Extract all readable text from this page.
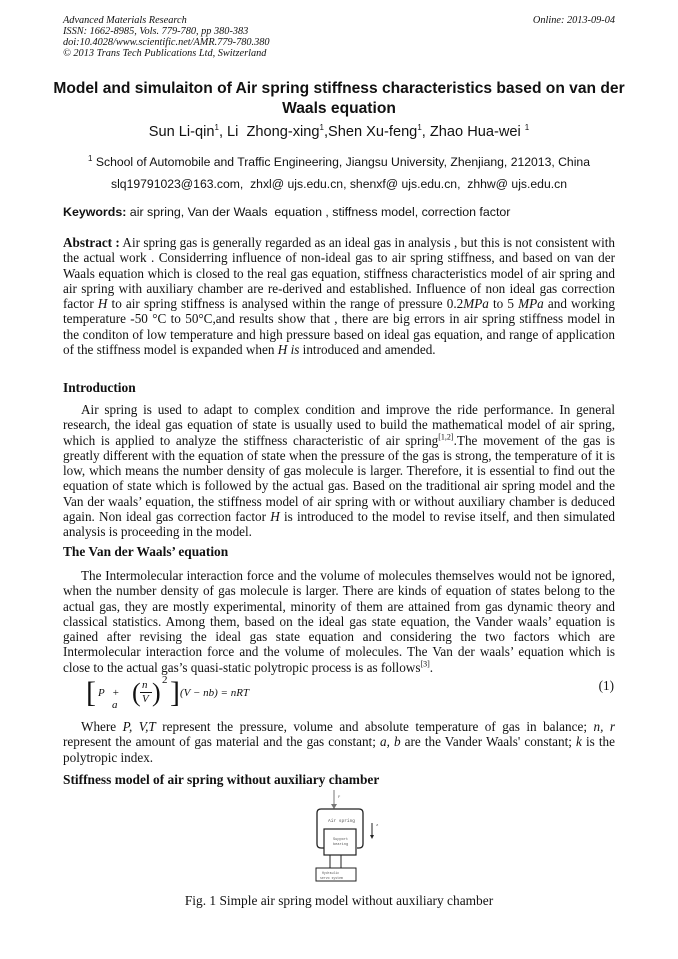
Advanced Materials Research
ISSN: 1662-8985, Vols. 779-780, pp 380-383
doi:10.4028/www.scientific.net/AMR.779-780.380
© 2013 Trans Tech Publications Ltd, Switzerland
Online: 2013-09-04
Model and simulaiton of Air spring stiffness characteristics based on van der Waals equation
Sun Li-qin$^1$, Li  Zhong-xing$^1$,Shen Xu-feng$^1$, Zhao Hua-wei $^1$
$^1$ School of Automobile and Traffic Engineering, Jiangsu University, Zhenjiang, 212013, China
slq19791023@163.com,  zhxl@ ujs.edu.cn, shenxf@ ujs.edu.cn,  zhhw@ ujs.edu.cn
Keywords: air spring, Van der Waals  equation , stiffness model, correction factor
Abstract : Air spring gas is generally regarded as an ideal gas in analysis , but this is not consistent with the actual work . Considerring influence of non-ideal gas to air spring stiffness, and based on van der Waals equation which is closed to the real gas equation, stiffness characteristics model of air spring and air spring with auxiliary chamber are re-derived and established. Influence of non ideal gas correction factor H to air spring stiffness is analysed within the range of pressure 0.2MPa to 5 MPa and working temperature -50 °C to 50°C,and results show that , there are big errors in air spring stiffness model in the conditon of low temperature and high pressure based on ideal gas equation, and range of application of the stiffness model is expanded when H is introduced and amended.
Introduction
Air spring is used to adapt to complex condition and improve the ride performance. In general research, the ideal gas equation of state is usually used to build the mathematical model of air spring, which is applied to analyze the stiffness characteristic of air spring[1,2].The movement of the gas is greatly different with the equation of state when the pressure of the gas is strong, the temperature of it is low, which means the number density of gas molecule is larger. Therefore, it is essential to find out the equation of state which is followed by the actual gas. Based on the traditional air spring model and the Van der waals’ equation, the stiffness model of air spring with or without auxiliary chamber is deduced again. Non ideal gas correction factor H is introduced to the model to revise itself, and then simulated analysis is proceeding in the model.
The Van der Waals’ equation
The Intermolecular interaction force and the volume of molecules themselves would not be ignored, when the number density of gas molecule is larger. There are kinds of equation of states belong to the actual gas, they are mostly experimental, minority of them are attained from gas dynamic theory and classical statistics. Among them, based on the ideal gas state equation, the Vander waals’ equation is gained after revising the ideal gas state equation and considering the two factors which are Intermolecular interaction force and the volume of molecules. The Van der waals’ equation which is close to the actual gas’s quasi-static polytropic process is as follows[3].
[ P + a ( n
V ) 2 ] (V − nb) = nRT	(1)
Where P, V,T represent the pressure, volume and absolute temperature of gas in balance; n, r represent the amount of gas material and the gas constant; a, b are the Vander Waals' constant; k is the polytropic index.
Stiffness model of air spring without auxiliary chamber
F
Air spring
z
Support
bearing
Hydraulic
servo system
Fig. 1 Simple air spring model without auxiliary chamber
